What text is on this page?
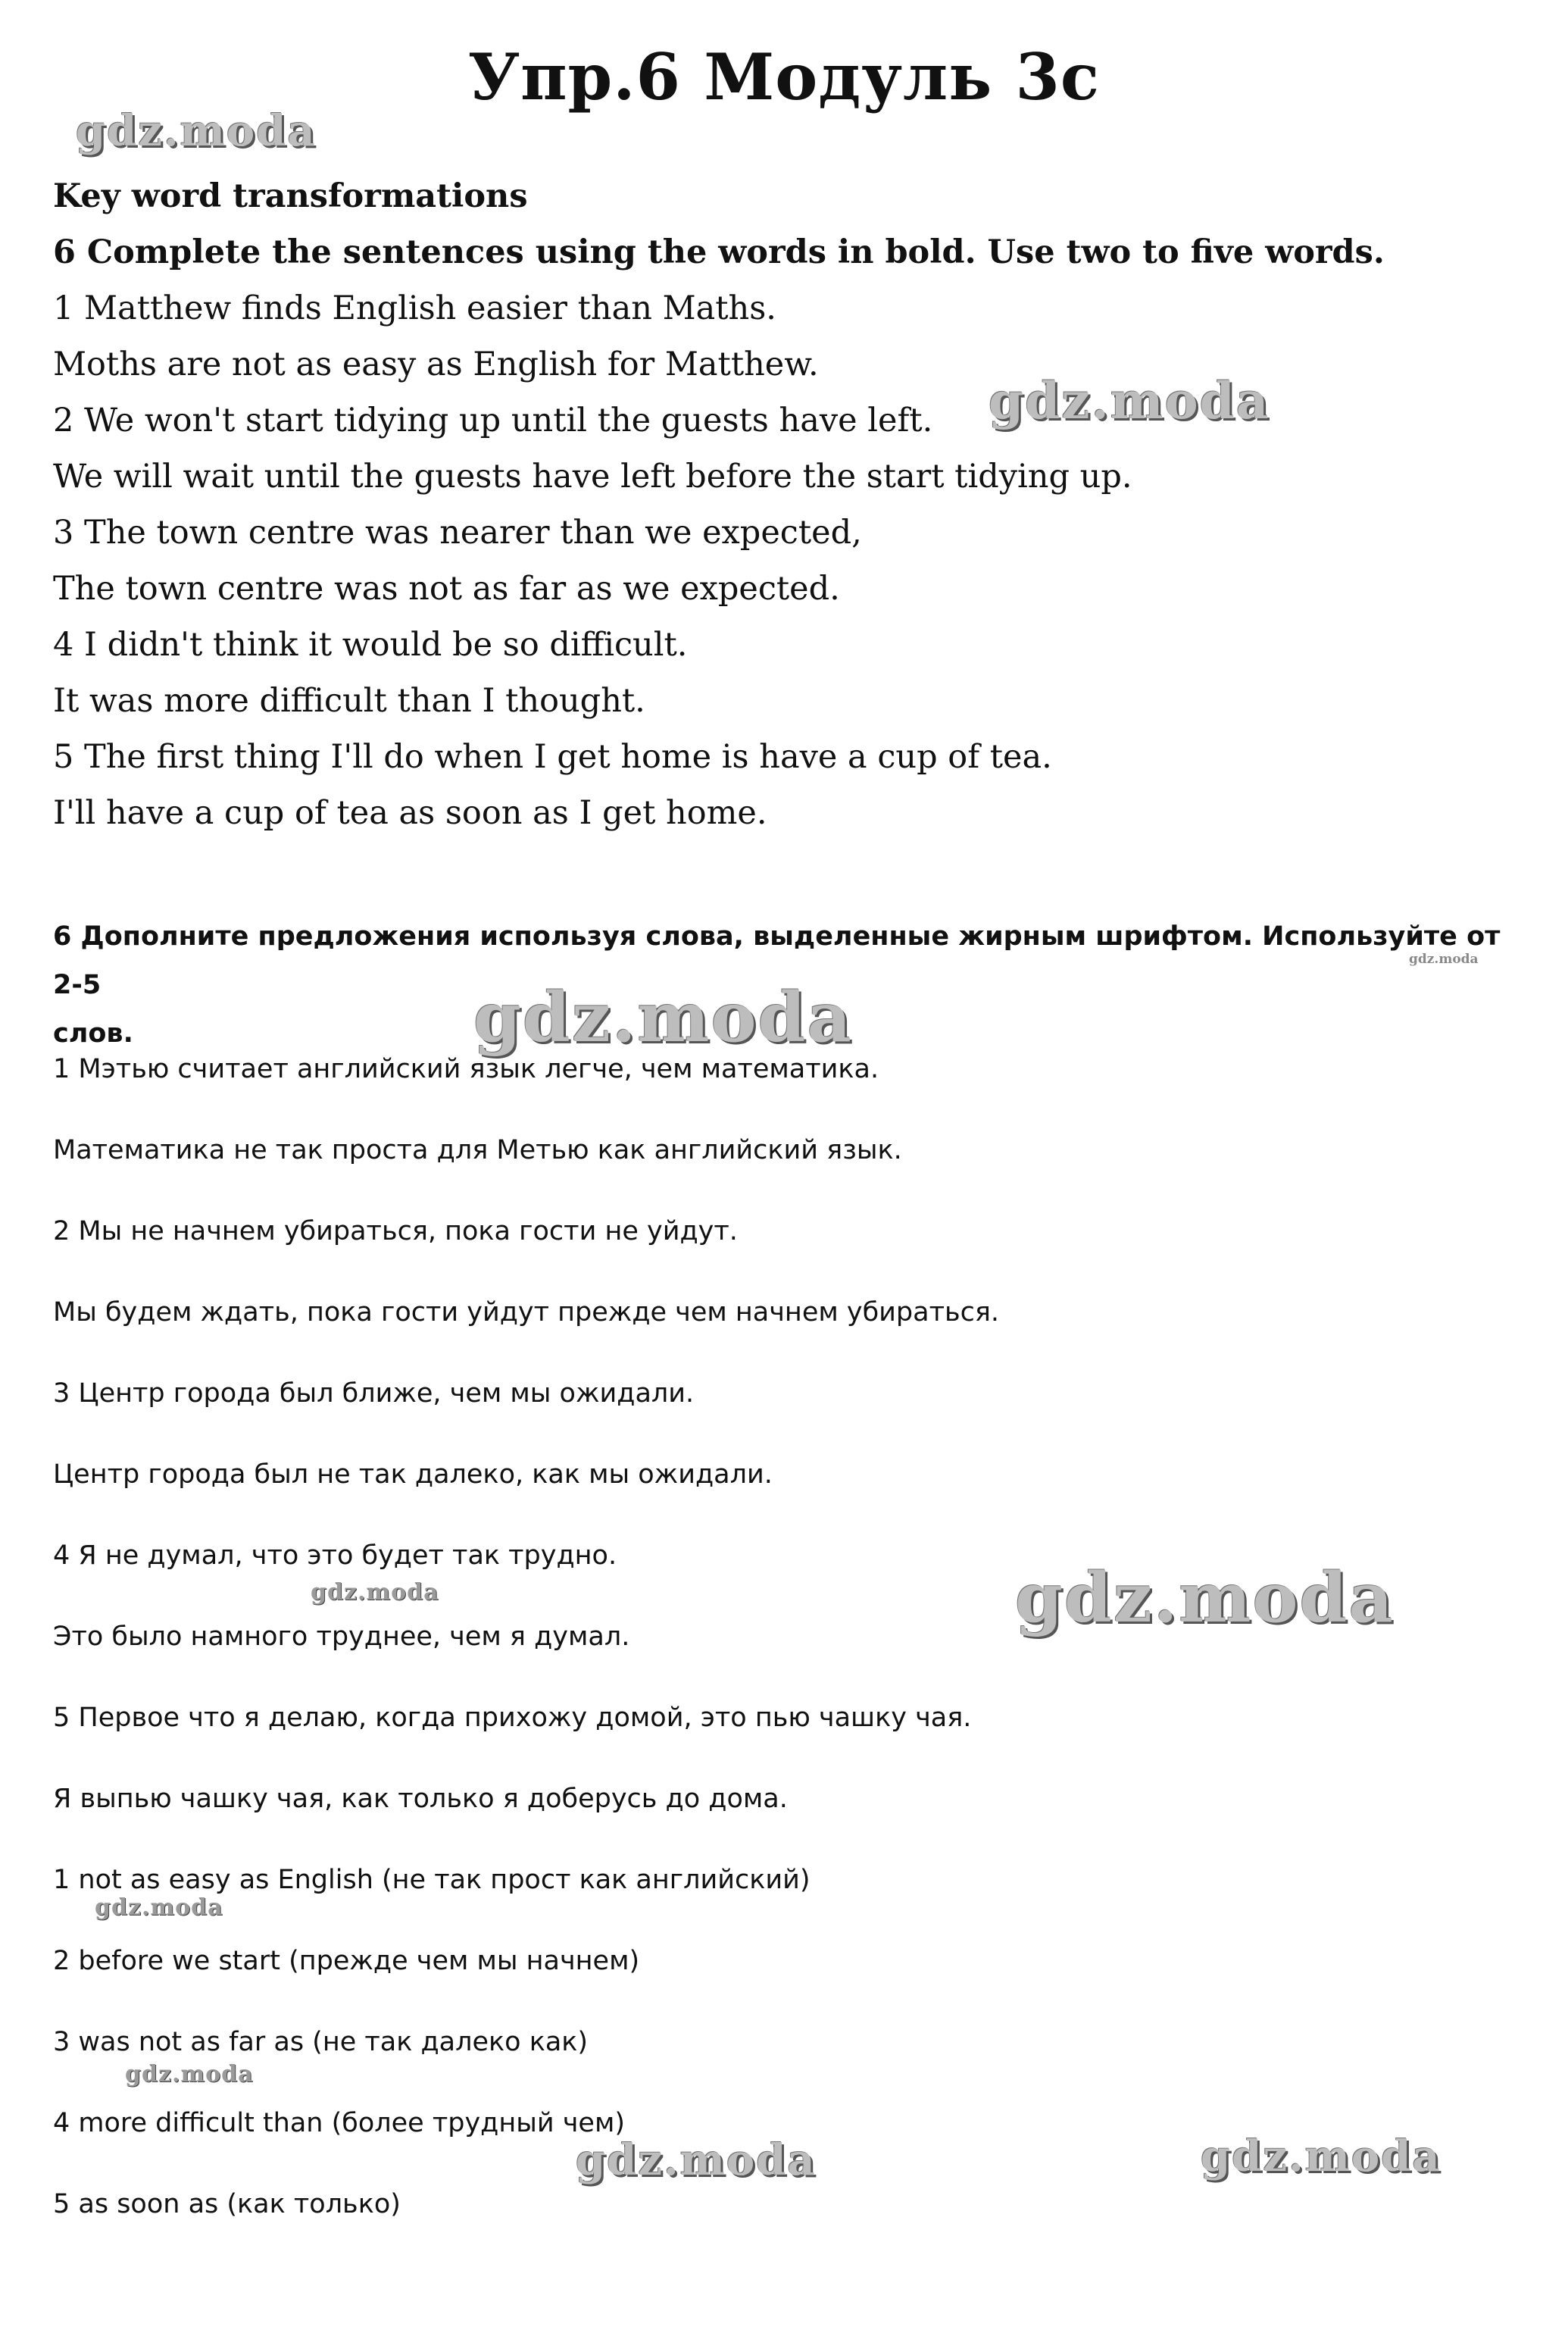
Упр.6 Модуль 3с

Key word transformations

6 Complete the sentences using the words in bold. Use two to five words.

1 Matthew finds English easier than Maths.

Moths are not as easy as English for Matthew.

2 We won't start tidying up until the guests have left.

We will wait until the guests have left before the start tidying up.

3 The town centre was nearer than we expected,

The town centre was not as far as we expected.

4 I didn't think it would be so difficult.

It was more difficult than I thought.

5 The first thing I'll do when I get home is have a cup of tea.

I'll have a cup of tea as soon as I get home.

6 Дополните предложения используя слова, выделенные жирным шрифтом. Используйте от 2-5

слов.

1 Мэтью считает английский язык легче, чем математика.

Математика не так проста для Метью как английский язык.

2 Мы не начнем убираться, пока гости не уйдут.

Мы будем ждать, пока гости уйдут прежде чем начнем убираться.

3 Центр города был ближе, чем мы ожидали.

Центр города был не так далеко, как мы ожидали.

4 Я не думал, что это будет так трудно.

Это было намного труднее, чем я думал.

5 Первое что я делаю, когда прихожу домой, это пью чашку чая.

Я выпью чашку чая, как только я доберусь до дома.

1 not as easy as English (не так прост как английский)

2 before we start (прежде чем мы начнем)

3 was not as far as (не так далеко как)

4 more difficult than (более трудный чем)

5 as soon as (как только)

gdz.moda
gdz.moda
gdz.moda
gdz.moda
gdz.moda	gdz.moda
gdz.moda
gdz.moda
gdz.moda	gdz.moda
